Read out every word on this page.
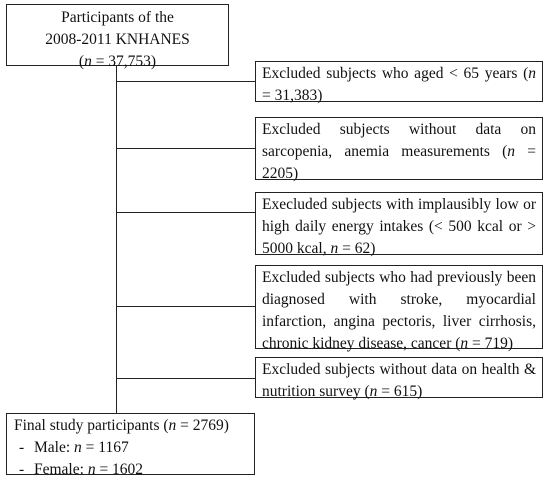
Participants of the
2008-2011 KNHANES
(n = 37,753)
Excluded subjects who aged < 65 years (n = 31,383)
Excluded subjects without data on sarcopenia, anemia measurements (n = 2205)
Execluded subjects with implausibly low or high daily energy intakes (< 500 kcal or > 5000 kcal, n = 62)
Excluded subjects who had previously been diagnosed with stroke, myocardial infarction, angina pectoris, liver cirrhosis, chronic kidney disease, cancer (n = 719)
Excluded subjects without data on health & nutrition survey (n = 615)
Final study participants (n = 2769)
- Male: n = 1167
- Female: n = 1602
